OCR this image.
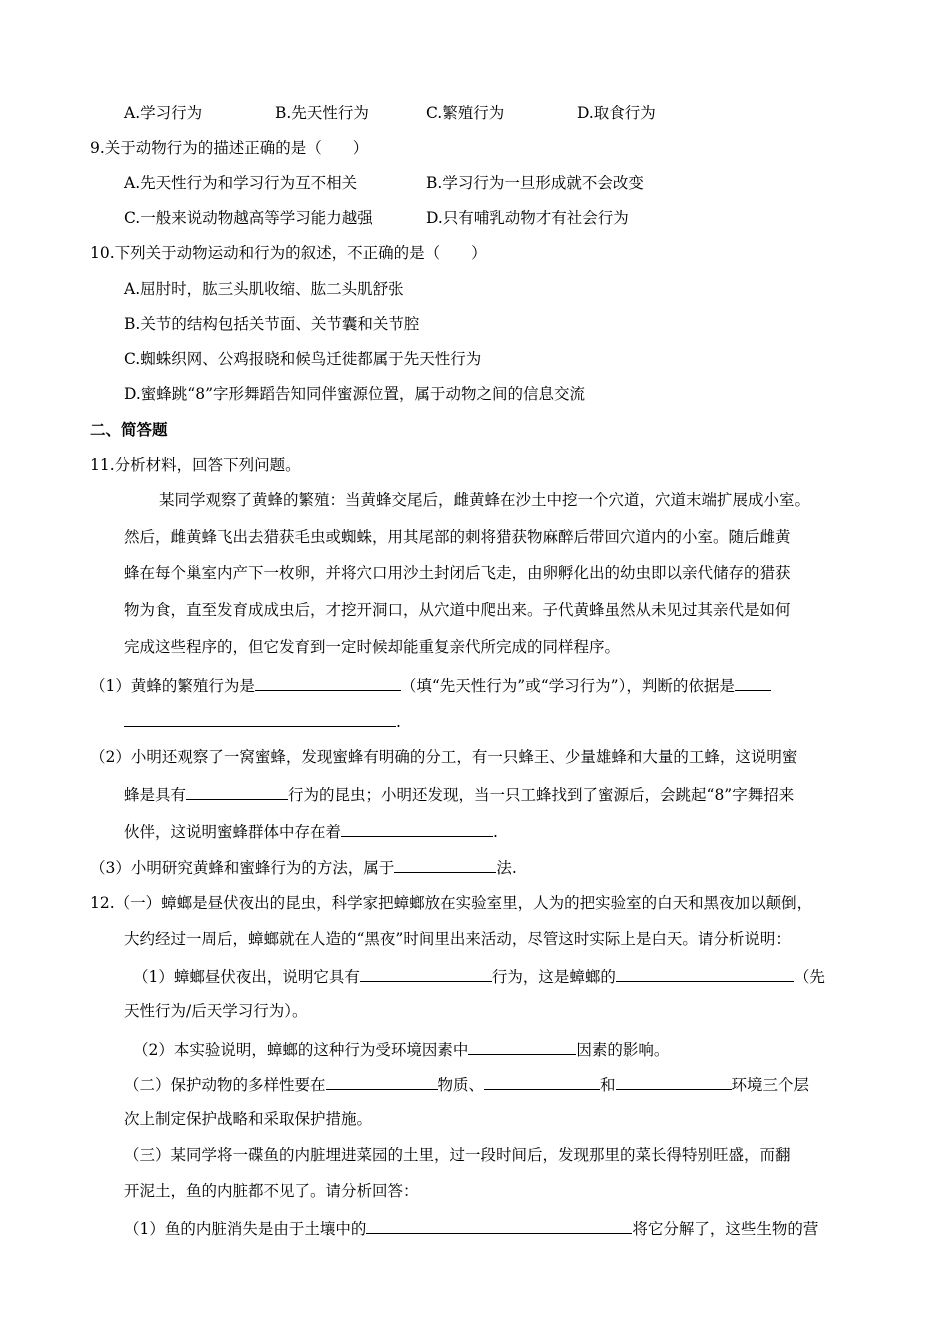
A.学习行为	B.先天性行为	C.繁殖行为	D.取食行为
9.关于动物行为的描述正确的是（　　）
A.先天性行为和学习行为互不相关	B.学习行为一旦形成就不会改变
C.一般来说动物越高等学习能力越强	D.只有哺乳动物才有社会行为
10.下列关于动物运动和行为的叙述，不正确的是（　　）
A.屈肘时，肱三头肌收缩、肱二头肌舒张
B.关节的结构包括关节面、关节囊和关节腔
C.蜘蛛织网、公鸡报晓和候鸟迁徙都属于先天性行为
D.蜜蜂跳“8”字形舞蹈告知同伴蜜源位置，属于动物之间的信息交流
二、简答题
11.分析材料，回答下列问题。
某同学观察了黄蜂的繁殖：当黄蜂交尾后，雌黄蜂在沙土中挖一个穴道，穴道末端扩展成小室。
然后，雌黄蜂飞出去猎获毛虫或蜘蛛，用其尾部的刺将猎获物麻醉后带回穴道内的小室。随后雌黄
蜂在每个巢室内产下一枚卵，并将穴口用沙土封闭后飞走，由卵孵化出的幼虫即以亲代储存的猎获
物为食，直至发育成成虫后，才挖开洞口，从穴道中爬出来。子代黄蜂虽然从未见过其亲代是如何
完成这些程序的，但它发育到一定时候却能重复亲代所完成的同样程序。
（1）黄蜂的繁殖行为是	（填“先天性行为”或“学习行为”），判断的依据是
.
（2）小明还观察了一窝蜜蜂，发现蜜蜂有明确的分工，有一只蜂王、少量雄蜂和大量的工蜂，这说明蜜
蜂是具有	行为的昆虫；小明还发现，当一只工蜂找到了蜜源后，会跳起“8”字舞招来
伙伴，这说明蜜蜂群体中存在着	.
（3）小明研究黄蜂和蜜蜂行为的方法，属于	法.
12.（一）蟑螂是昼伏夜出的昆虫，科学家把蟑螂放在实验室里，人为的把实验室的白天和黑夜加以颠倒，
大约经过一周后，蟑螂就在人造的“黑夜”时间里出来活动，尽管这时实际上是白天。请分析说明：
（1）蟑螂昼伏夜出，说明它具有	行为，这是蟑螂的	（先
天性行为/后天学习行为）。
（2）本实验说明，蟑螂的这种行为受环境因素中	因素的影响。
（二）保护动物的多样性要在	物质、	和	环境三个层
次上制定保护战略和采取保护措施。
（三）某同学将一碟鱼的内脏埋进菜园的土里，过一段时间后，发现那里的菜长得特别旺盛，而翻
开泥土，鱼的内脏都不见了。请分析回答：
（1）鱼的内脏消失是由于土壤中的	将它分解了，这些生物的营
